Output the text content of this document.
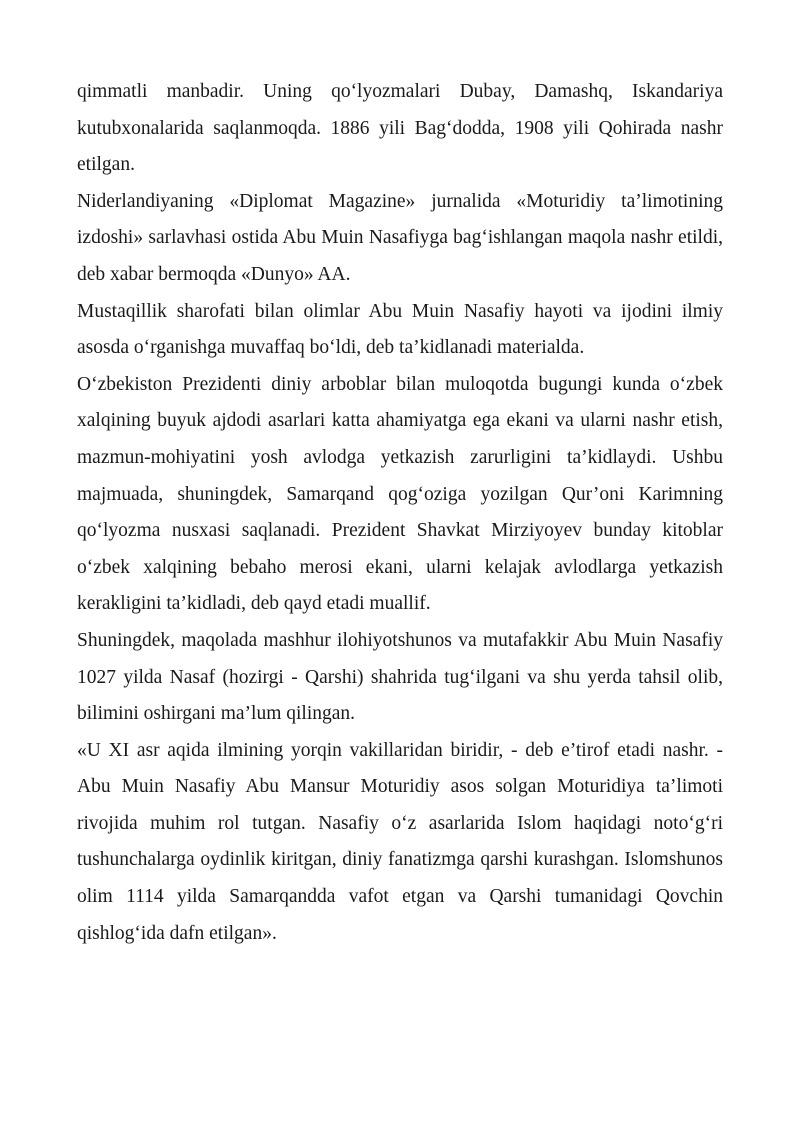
qimmatli manbadir. Uning qo‘lyozmalari Dubay, Damashq, Iskandariya kutubxonalarida saqlanmoqda. 1886 yili Bag‘dodda, 1908 yili Qohirada nashr etilgan.

Niderlandiyaning «Diplomat Magazine» jurnalida «Moturidiy ta’limotining izdoshi» sarlavhasi ostida Abu Muin Nasafiyga bag‘ishlangan maqola nashr etildi, deb xabar bermoqda «Dunyo» AA.

Mustaqillik sharofati bilan olimlar Abu Muin Nasafiy hayoti va ijodini ilmiy asosda o‘rganishga muvaffaq bo‘ldi, deb ta’kidlanadi materialda.

O‘zbekiston Prezidenti diniy arboblar bilan muloqotda bugungi kunda o‘zbek xalqining buyuk ajdodi asarlari katta ahamiyatga ega ekani va ularni nashr etish, mazmun-mohiyatini yosh avlodga yetkazish zarurligini ta’kidlaydi. Ushbu majmuada, shuningdek, Samarqand qog‘oziga yozilgan Qur’oni Karimning qo‘lyozma nusxasi saqlanadi. Prezident Shavkat Mirziyoyev bunday kitoblar o‘zbek xalqining bebaho merosi ekani, ularni kelajak avlodlarga yetkazish kerakligini ta’kidladi, deb qayd etadi muallif.

Shuningdek, maqolada mashhur ilohiyotshunos va mutafakkir Abu Muin Nasafiy 1027 yilda Nasaf (hozirgi - Qarshi) shahrida tug‘ilgani va shu yerda tahsil olib, bilimini oshirgani ma’lum qilingan.

«U XI asr aqida ilmining yorqin vakillaridan biridir, - deb e’tirof etadi nashr. - Abu Muin Nasafiy Abu Mansur Moturidiy asos solgan Moturidiya ta’limoti rivojida muhim rol tutgan. Nasafiy o‘z asarlarida Islom haqidagi noto‘g‘ri tushunchalarga oydinlik kiritgan, diniy fanatizmga qarshi kurashgan. Islomshunos olim 1114 yilda Samarqandda vafot etgan va Qarshi tumanidagi Qovchin qishlog‘ida dafn etilgan».
